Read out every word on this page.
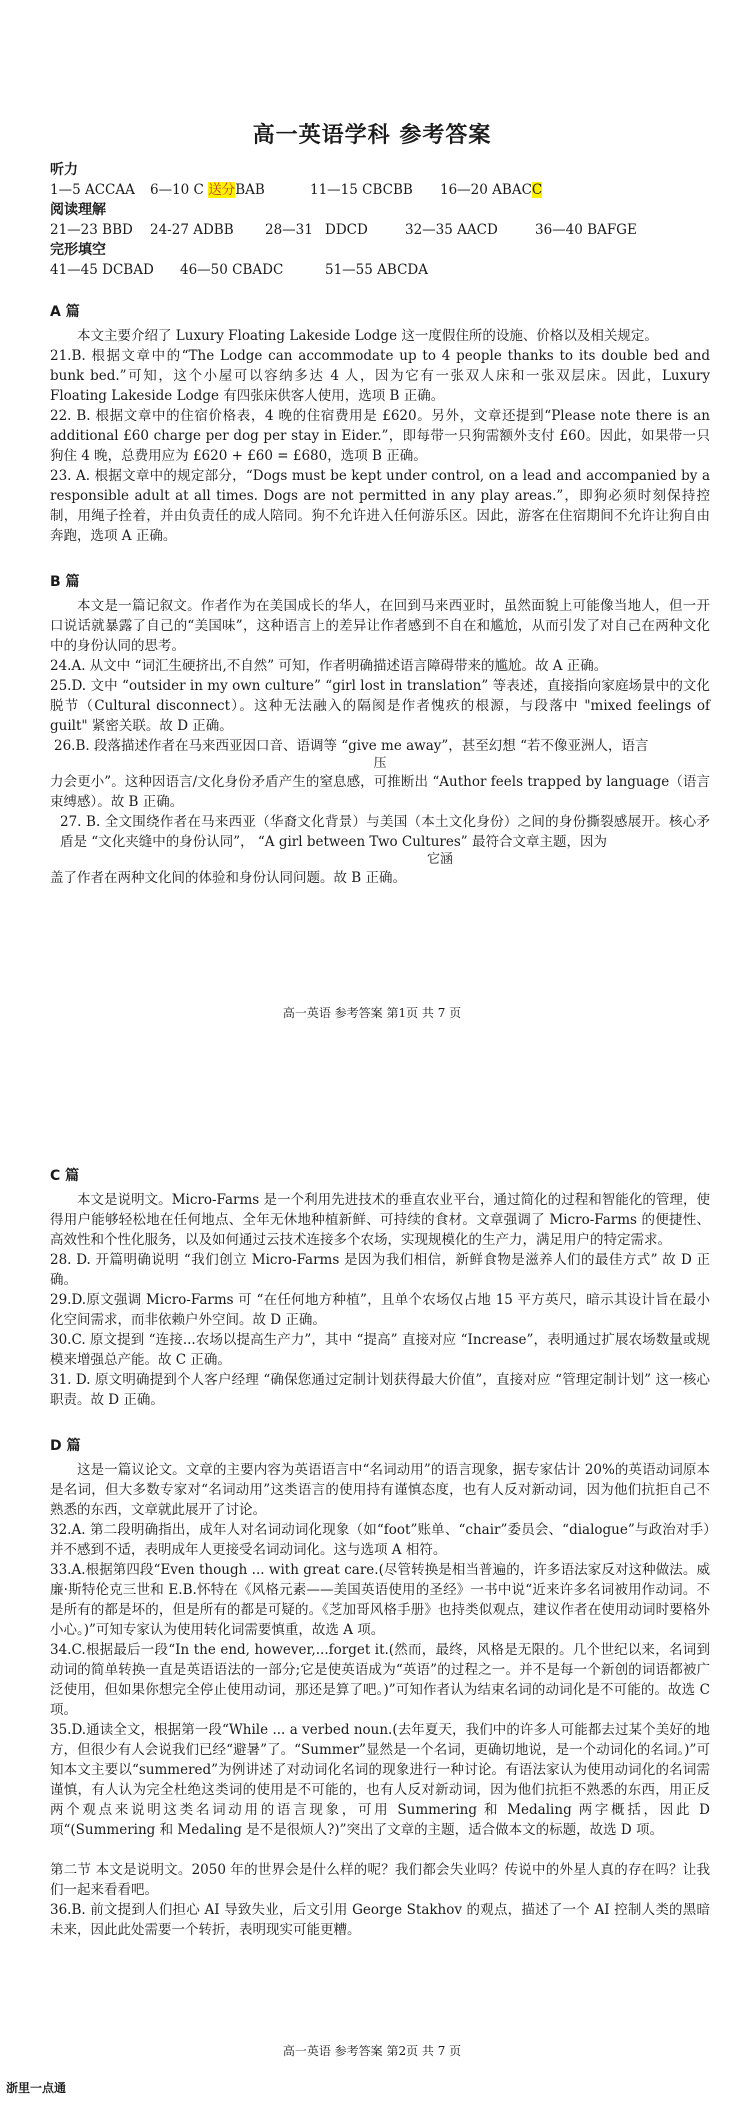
高一英语学科 参考答案
听力
1—5 ACCAA	6—10 C 送分BAB	11—15 CBCBB	16—20 ABACC
阅读理解
21—23 BBD	24-27 ADBB	28—31 DDCD	32—35 AACD	36—40 BAFGE
完形填空
41—45 DCBAD	46—50 CBADC	51—55 ABCDA
A 篇

本文主要介绍了 Luxury Floating Lakeside Lodge 这一度假住所的设施、价格以及相关规定。

21.B. 根据文章中的“The Lodge can accommodate up to 4 people thanks to its double bed and bunk bed.”可知，这个小屋可以容纳多达 4 人，因为它有一张双人床和一张双层床。因此，Luxury Floating Lakeside Lodge 有四张床供客人使用，选项 B 正确。

22. B. 根据文章中的住宿价格表，4 晚的住宿费用是 £620。另外，文章还提到“Please note there is an additional £60 charge per dog per stay in Eider.”，即每带一只狗需额外支付 £60。因此，如果带一只狗住 4 晚，总费用应为 £620 + £60 = £680，选项 B 正确。

23. A. 根据文章中的规定部分，“Dogs must be kept under control, on a lead and accompanied by a responsible adult at all times. Dogs are not permitted in any play areas.”，即狗必须时刻保持控制，用绳子拴着，并由负责任的成人陪同。狗不允许进入任何游乐区。因此，游客在住宿期间不允许让狗自由奔跑，选项 A 正确。

B 篇

本文是一篇记叙文。作者作为在美国成长的华人，在回到马来西亚时，虽然面貌上可能像当地人，但一开口说话就暴露了自己的“美国味”，这种语言上的差异让作者感到不自在和尴尬，从而引发了对自己在两种文化中的身份认同的思考。

24.A. 从文中 “词汇生硬挤出,不自然” 可知，作者明确描述语言障碍带来的尴尬。故 A 正确。

25.D. 文中 “outsider in my own culture” “girl lost in translation” 等表述，直接指向家庭场景中的文化脱节（Cultural disconnect）。这种无法融入的隔阂是作者愧疚的根源，与段落中 "mixed feelings of guilt" 紧密关联。故 D 正确。

26.B. 段落描述作者在马来西亚因口音、语调等 “give me away”，甚至幻想 “若不像亚洲人，语言

压

力会更小”。这种因语言/文化身份矛盾产生的窒息感，可推断出 “Author feels trapped by language（语言束缚感）。故 B 正确。

27. B. 全文围绕作者在马来西亚（华裔文化背景）与美国（本土文化身份）之间的身份撕裂感展开。核心矛盾是 “文化夹缝中的身份认同”， “A girl between Two Cultures” 最符合文章主题，因为

它涵

盖了作者在两种文化间的体验和身份认同问题。故 B 正确。

高一英语 参考答案 第1页 共 7 页
C 篇

本文是说明文。Micro-Farms 是一个利用先进技术的垂直农业平台，通过简化的过程和智能化的管理，使得用户能够轻松地在任何地点、全年无休地种植新鲜、可持续的食材。文章强调了 Micro-Farms 的便捷性、高效性和个性化服务，以及如何通过云技术连接多个农场，实现规模化的生产力，满足用户的特定需求。

28. D. 开篇明确说明 “我们创立 Micro-Farms 是因为我们相信，新鲜食物是滋养人们的最佳方式” 故 D 正确。

29.D.原文强调 Micro-Farms 可 “在任何地方种植”，且单个农场仅占地 15 平方英尺，暗示其设计旨在最小化空间需求，而非依赖户外空间。故 D 正确。

30.C. 原文提到 “连接...农场以提高生产力”，其中 “提高” 直接对应 “Increase”，表明通过扩展农场数量或规模来增强总产能。故 C 正确。

31. D. 原文明确提到个人客户经理 “确保您通过定制计划获得最大价值”，直接对应 “管理定制计划” 这一核心职责。故 D 正确。

D 篇

这是一篇议论文。文章的主要内容为英语语言中“名词动用”的语言现象，据专家估计 20%的英语动词原本是名词，但大多数专家对“名词动用”这类语言的使用持有谨慎态度，也有人反对新动词，因为他们抗拒自己不熟悉的东西，文章就此展开了讨论。

32.A. 第二段明确指出，成年人对名词动词化现象（如“foot”账单、“chair”委员会、“dialogue”与政治对手）并不感到不适，表明成年人更接受名词动词化。这与选项 A 相符。

33.A.根据第四段“Even though ... with great care.(尽管转换是相当普遍的，许多语法家反对这种做法。威廉·斯特伦克三世和 E.B.怀特在《风格元素——美国英语使用的圣经》一书中说“近来许多名词被用作动词。不是所有的都是坏的，但是所有的都是可疑的。《芝加哥风格手册》也持类似观点，建议作者在使用动词时要格外小心。)”可知专家认为使用转化词需要慎重，故选 A 项。

34.C.根据最后一段“In the end, however,...forget it.(然而，最终，风格是无限的。几个世纪以来，名词到动词的简单转换一直是英语语法的一部分;它是使英语成为“英语”的过程之一。并不是每一个新创的词语都被广泛使用，但如果你想完全停止使用动词，那还是算了吧。)”可知作者认为结束名词的动词化是不可能的。故选 C 项。

35.D.通读全文，根据第一段“While ... a verbed noun.(去年夏天，我们中的许多人可能都去过某个美好的地方，但很少有人会说我们已经“避暑”了。“Summer”显然是一个名词，更确切地说，是一个动词化的名词。)”可知本文主要以“summered”为例讲述了对动词化名词的现象进行一种讨论。有语法家认为使用动词化的名词需谨慎，有人认为完全杜绝这类词的使用是不可能的，也有人反对新动词，因为他们抗拒不熟悉的东西，用正反两个观点来说明这类名词动用的语言现象，可用 Summering 和 Medaling 两字概括，因此 D 项“(Summering 和 Medaling 是不是很烦人?)”突出了文章的主题，适合做本文的标题，故选 D 项。

第二节 本文是说明文。2050 年的世界会是什么样的呢？我们都会失业吗？传说中的外星人真的存在吗？让我们一起来看看吧。

36.B. 前文提到人们担心 AI 导致失业，后文引用 George Stakhov 的观点，描述了一个 AI 控制人类的黑暗未来，因此此处需要一个转折，表明现实可能更糟。

高一英语 参考答案 第2页 共 7 页
浙里一点通
